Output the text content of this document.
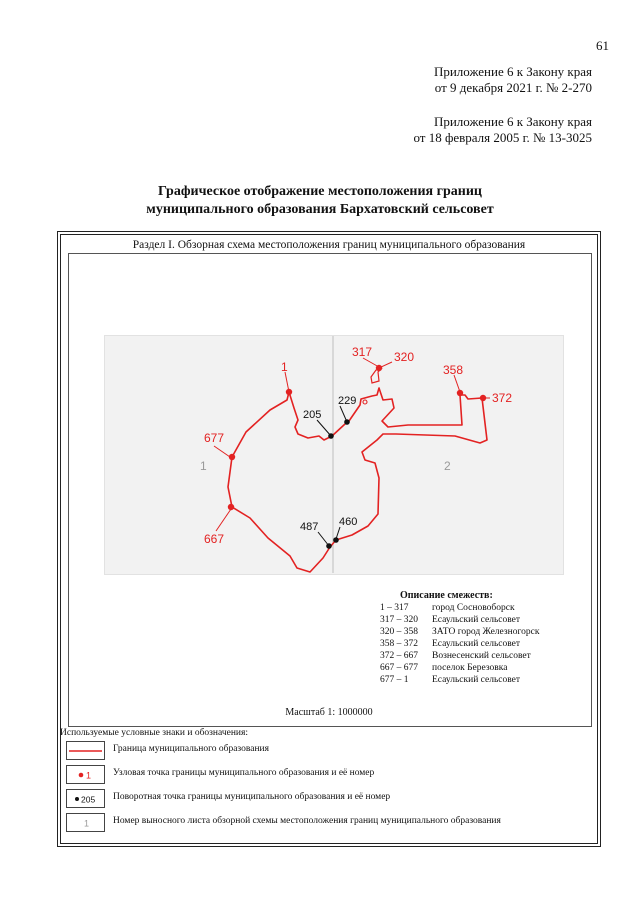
61
Приложение 6 к Закону края
от 9 декабря 2021 г. № 2-270
Приложение 6 к Закону края
от 18 февраля 2005 г. № 13-3025
Графическое отображение местоположения границ
муниципального образования Бархатовский сельсовет
Раздел I. Обзорная схема местоположения границ муниципального образования
1
317 320
358
372
667
677
205
229
460
487
1	2
Описание смежеств:
1 – 317 город Сосновоборск
317 – 320 Есаульский сельсовет
320 – 358 ЗАТО город Железногорск
358 – 372 Есаульский сельсовет
372 – 667 Вознесенский сельсовет
667 – 677 поселок Березовка
677 – 1 Есаульский сельсовет
Масштаб 1: 1000000
Используемые условные знаки и обозначения:
Граница муниципального образования
1 Узловая точка границы муниципального образования и её номер
205 Поворотная точка границы муниципального образования и её номер
1	Номер выносного листа обзорной схемы местоположения границ муниципального образования
